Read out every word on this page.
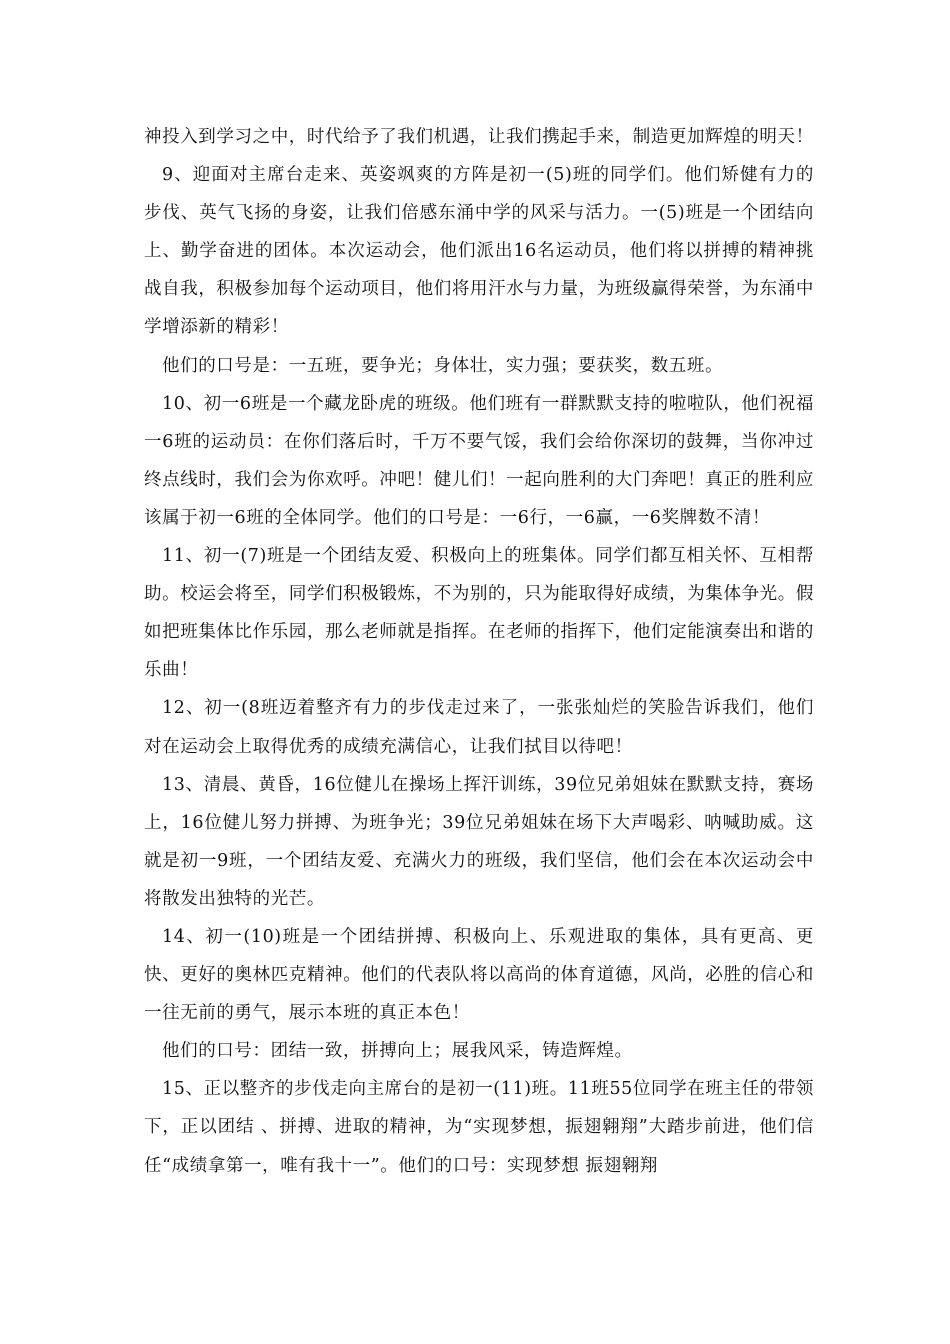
神投入到学习之中，时代给予了我们机遇，让我们携起手来，制造更加辉煌的明天！

9、迎面对主席台走来、英姿飒爽的方阵是初一(5)班的同学们。他们矫健有力的步伐、英气飞扬的身姿，让我们倍感东涌中学的风采与活力。一(5)班是一个团结向上、勤学奋进的团体。本次运动会，他们派出16名运动员，他们将以拼搏的精神挑战自我，积极参加每个运动项目，他们将用汗水与力量，为班级赢得荣誉，为东涌中学增添新的精彩！

他们的口号是：一五班，要争光；身体壮，实力强；要获奖，数五班。

10、初一6班是一个藏龙卧虎的班级。他们班有一群默默支持的啦啦队，他们祝福一6班的运动员：在你们落后时，千万不要气馁，我们会给你深切的鼓舞，当你冲过终点线时，我们会为你欢呼。冲吧！健儿们！一起向胜利的大门奔吧！真正的胜利应该属于初一6班的全体同学。他们的口号是：一6行，一6赢，一6奖牌数不清！

11、初一(7)班是一个团结友爱、积极向上的班集体。同学们都互相关怀、互相帮助。校运会将至，同学们积极锻炼，不为别的，只为能取得好成绩，为集体争光。假如把班集体比作乐园，那么老师就是指挥。在老师的指挥下，他们定能演奏出和谐的乐曲！

12、初一(8班迈着整齐有力的步伐走过来了，一张张灿烂的笑脸告诉我们，他们对在运动会上取得优秀的成绩充满信心，让我们拭目以待吧！

13、清晨、黄昏，16位健儿在操场上挥汗训练，39位兄弟姐妹在默默支持，赛场上，16位健儿努力拼搏、为班争光；39位兄弟姐妹在场下大声喝彩、呐喊助威。这就是初一9班，一个团结友爱、充满火力的班级，我们坚信，他们会在本次运动会中将散发出独特的光芒。

14、初一(10)班是一个团结拼搏、积极向上、乐观进取的集体，具有更高、更快、更好的奥林匹克精神。他们的代表队将以高尚的体育道德，风尚，必胜的信心和一往无前的勇气，展示本班的真正本色！

他们的口号：团结一致，拼搏向上；展我风采，铸造辉煌。

15、正以整齐的步伐走向主席台的是初一(11)班。11班55位同学在班主任的带领下，正以团结 、拼搏、进取的精神，为“实现梦想，振翅翱翔”大踏步前进，他们信任“成绩拿第一，唯有我十一”。他们的口号：实现梦想 振翅翱翔
